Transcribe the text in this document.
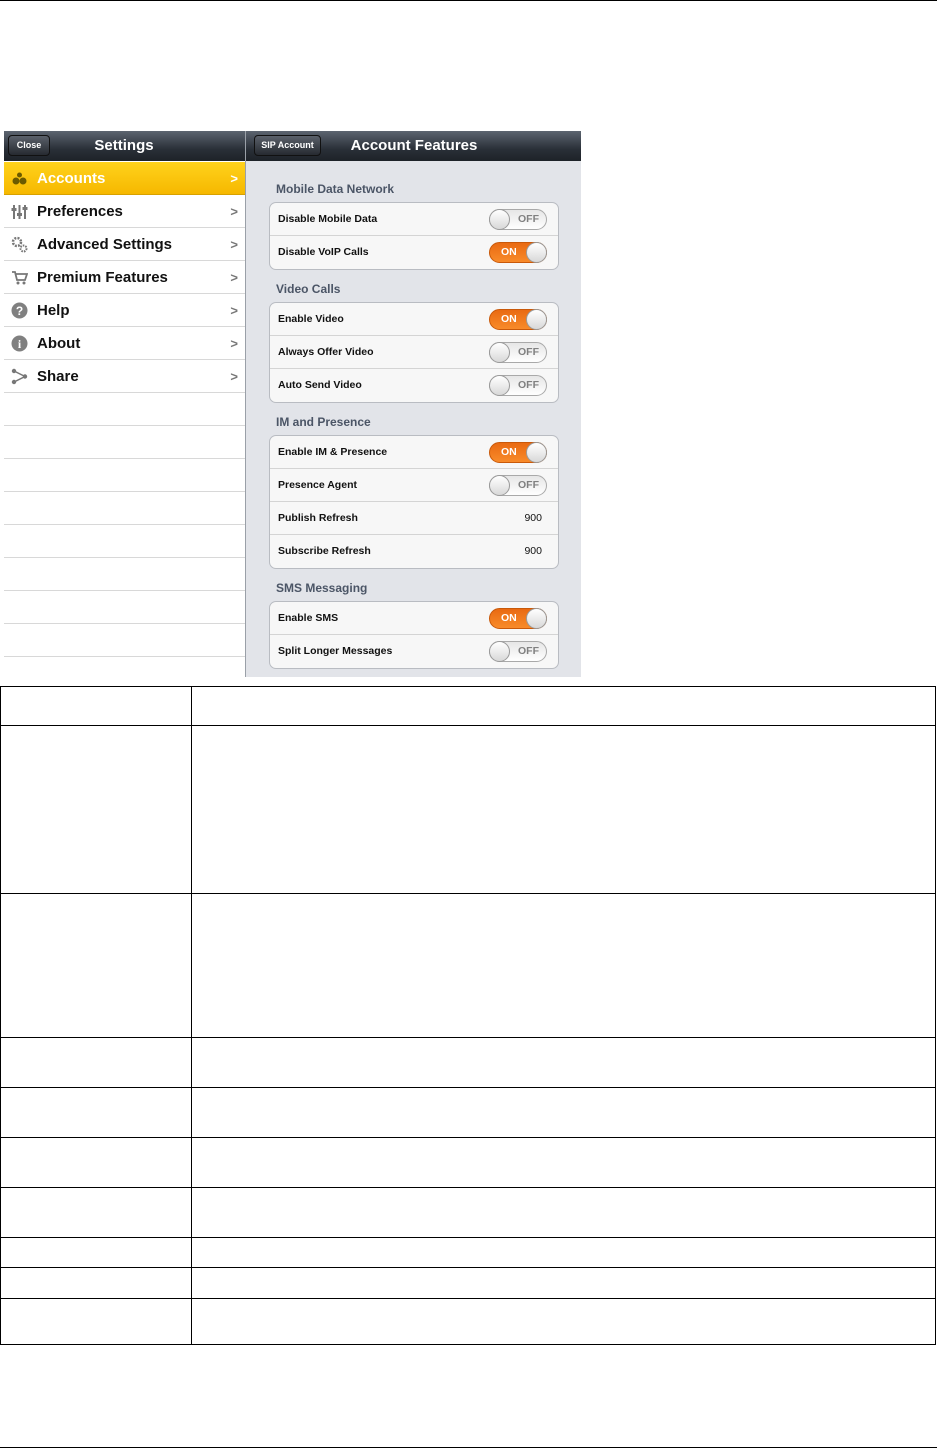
Close	Settings
Accounts	>
Preferences	>
Advanced Settings	>
Premium Features	>
? Help	>
i About	>
Share	>
SIP Account	Account Features
Mobile Data Network
Disable Mobile Data	OFF
Disable VoIP Calls	ON
Video Calls
Enable Video	ON
Always Offer Video	OFF
Auto Send Video	OFF
IM and Presence
Enable IM & Presence	ON
Presence Agent	OFF
Publish Refresh	900
Subscribe Refresh	900
SMS Messaging
Enable SMS	ON
Split Longer Messages	OFF
